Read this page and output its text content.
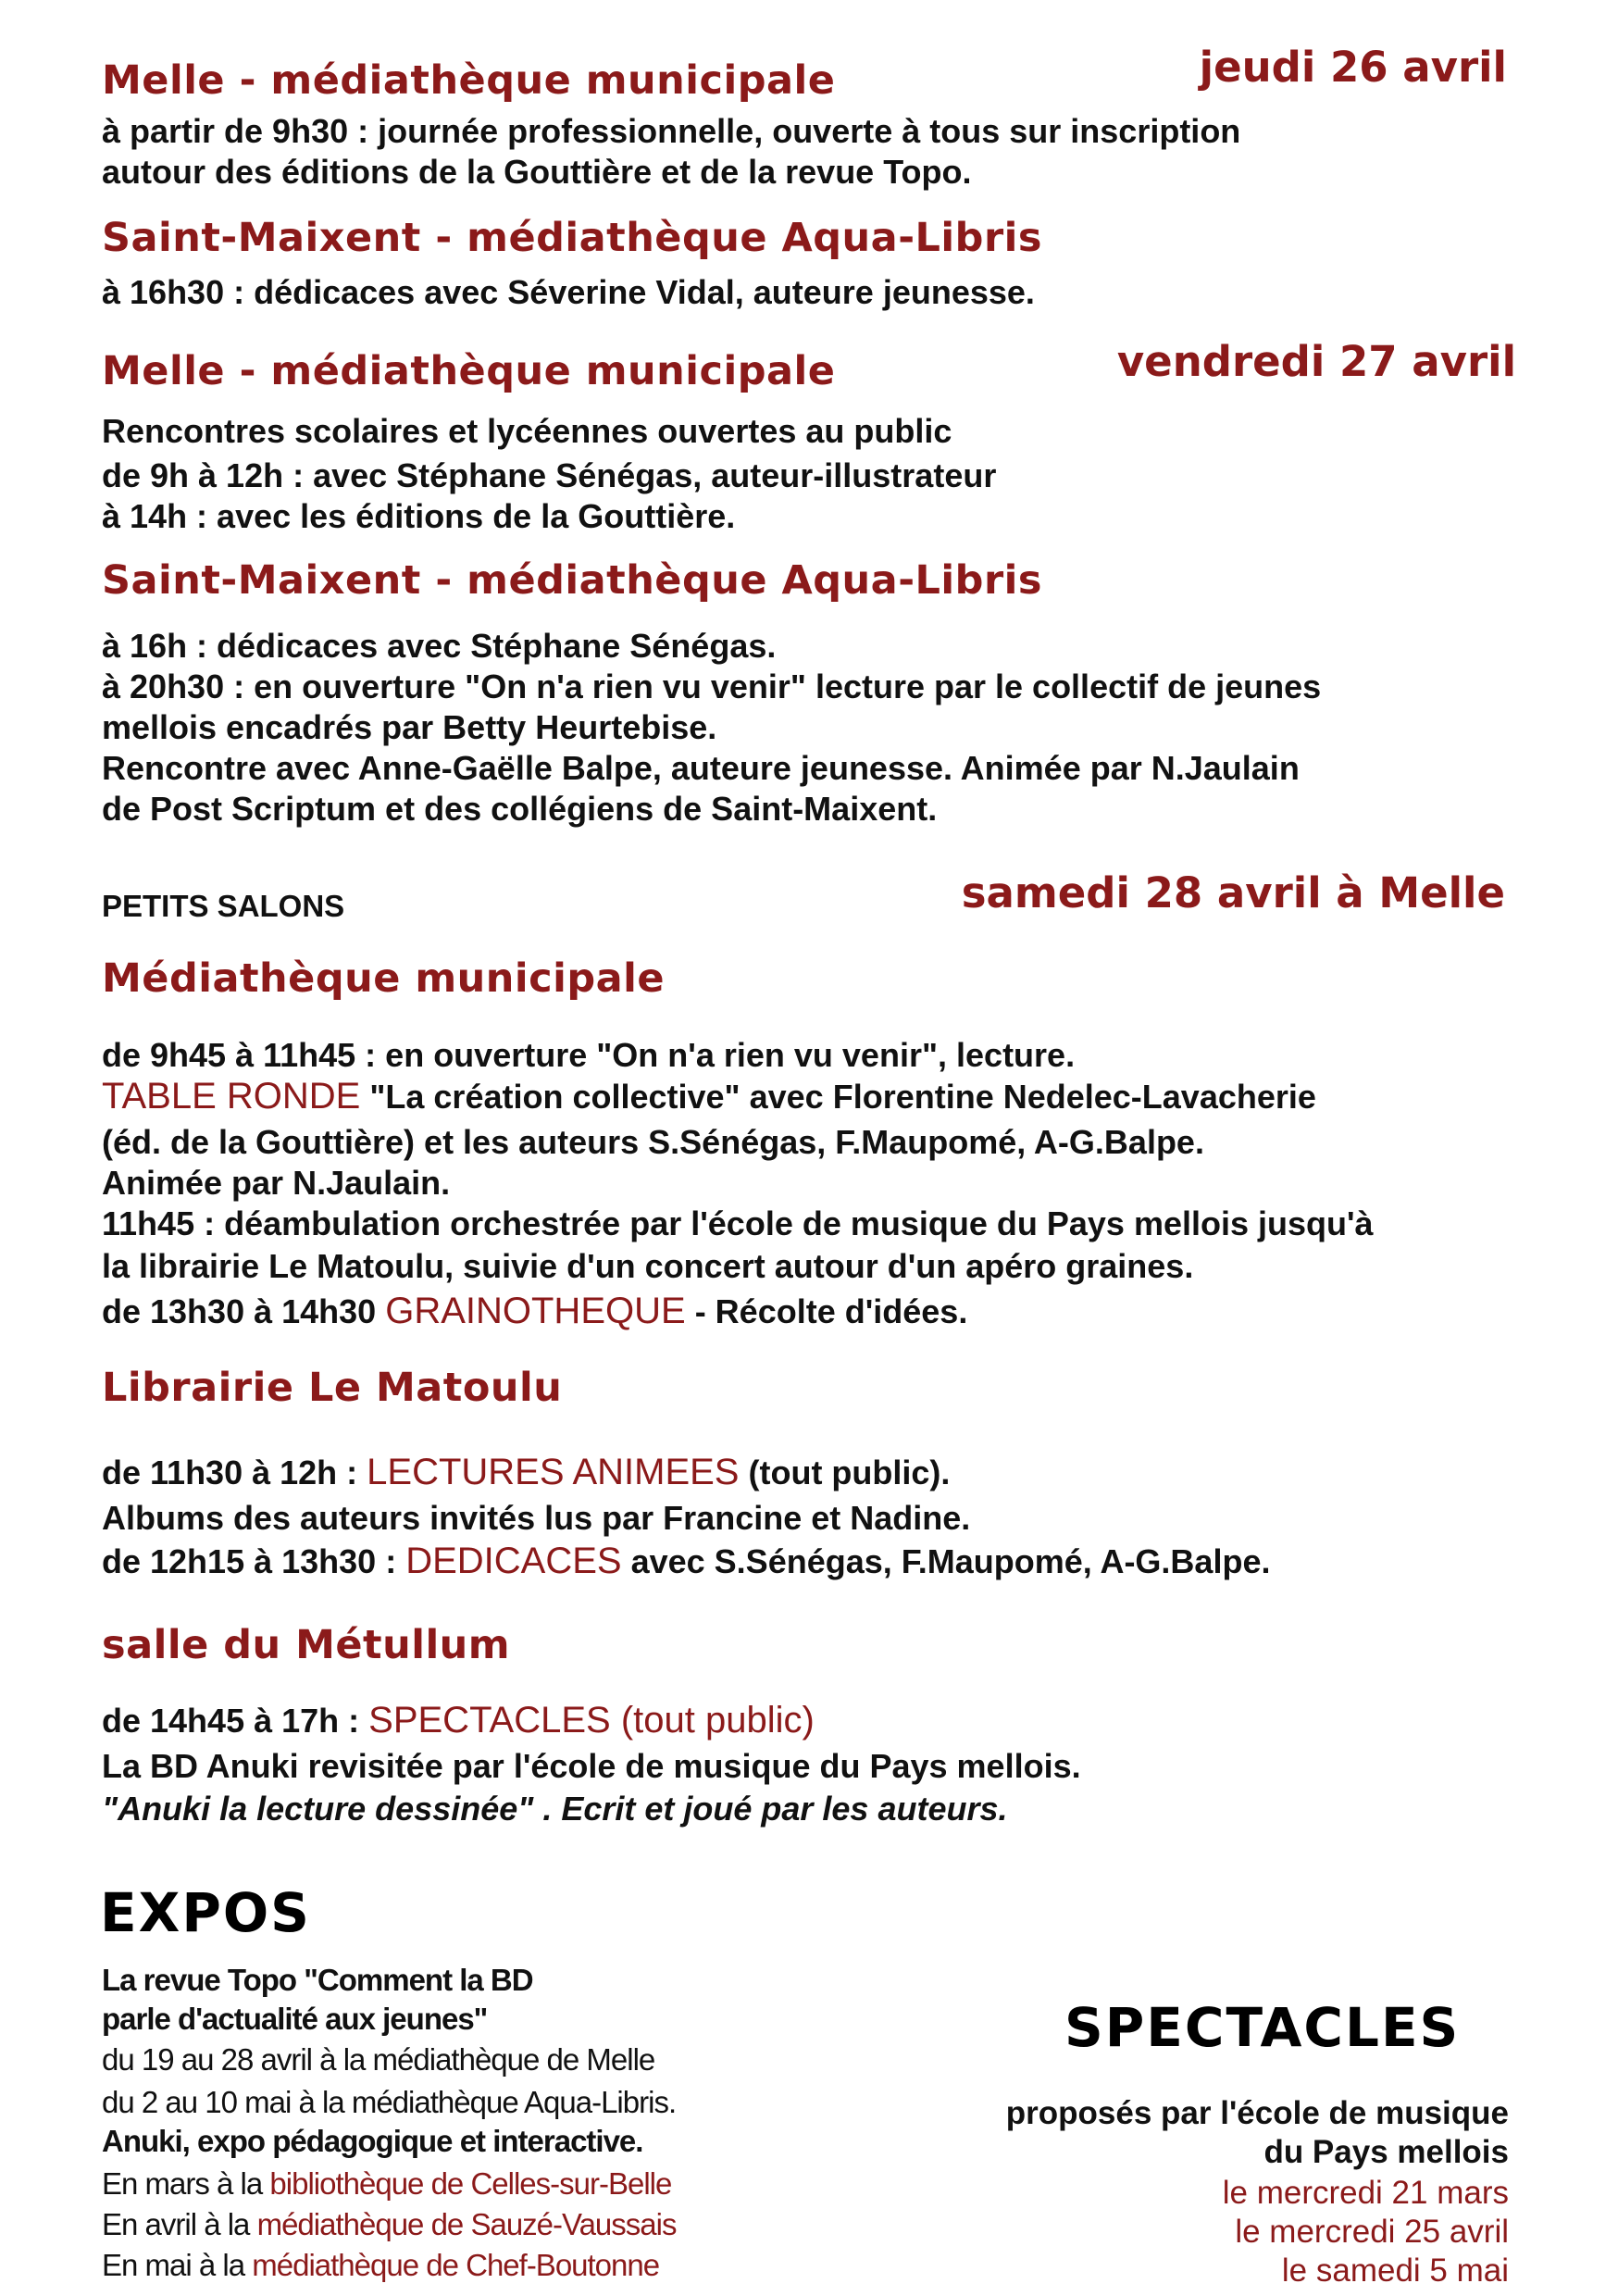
Melle - médiathèque municipale	jeudi 26 avril
à partir de 9h30 : journée professionnelle, ouverte à tous sur inscription
autour des éditions de la Gouttière et de la revue Topo.
Saint-Maixent - médiathèque Aqua-Libris
à 16h30 : dédicaces avec Séverine Vidal, auteure jeunesse.
Melle - médiathèque municipale	vendredi 27 avril
Rencontres scolaires et lycéennes ouvertes au public
de 9h à 12h : avec Stéphane Sénégas, auteur-illustrateur
à 14h : avec les éditions de la Gouttière.
Saint-Maixent - médiathèque Aqua-Libris
à 16h : dédicaces avec Stéphane Sénégas.
à 20h30 : en ouverture "On n'a rien vu venir" lecture par le collectif de jeunes
mellois encadrés par Betty Heurtebise.
Rencontre avec Anne-Gaëlle Balpe, auteure jeunesse. Animée par N.Jaulain
de Post Scriptum et des collégiens de Saint-Maixent.
PETITS SALONS	samedi 28 avril à Melle
Médiathèque municipale
de 9h45 à 11h45 : en ouverture "On n'a rien vu venir", lecture.
TABLE RONDE "La création collective" avec Florentine Nedelec-Lavacherie
(éd. de la Gouttière) et les auteurs S.Sénégas, F.Maupomé, A-G.Balpe.
Animée par N.Jaulain.
11h45 : déambulation orchestrée par l'école de musique du Pays mellois jusqu'à
la librairie Le Matoulu, suivie d'un concert autour d'un apéro graines.
de 13h30 à 14h30 GRAINOTHEQUE - Récolte d'idées.
Librairie Le Matoulu
de 11h30 à 12h : LECTURES ANIMEES (tout public).
Albums des auteurs invités lus par Francine et Nadine.
de 12h15 à 13h30 : DEDICACES avec S.Sénégas, F.Maupomé, A-G.Balpe.
salle du Métullum
de 14h45 à 17h : SPECTACLES (tout public)
La BD Anuki revisitée par l'école de musique du Pays mellois.
"Anuki la lecture dessinée" . Ecrit et joué par les auteurs.
EXPOS
La revue Topo "Comment la BD
parle d'actualité aux jeunes"
du 19 au 28 avril à la médiathèque de Melle
du 2 au 10 mai à la médiathèque Aqua-Libris.
Anuki, expo pédagogique et interactive.
En mars à la bibliothèque de Celles-sur-Belle
En avril à la médiathèque de Sauzé-Vaussais
En mai à la médiathèque de Chef-Boutonne
SPECTACLES
proposés par l'école de musique
du Pays mellois
le mercredi 21 mars
le mercredi 25 avril
le samedi 5 mai
